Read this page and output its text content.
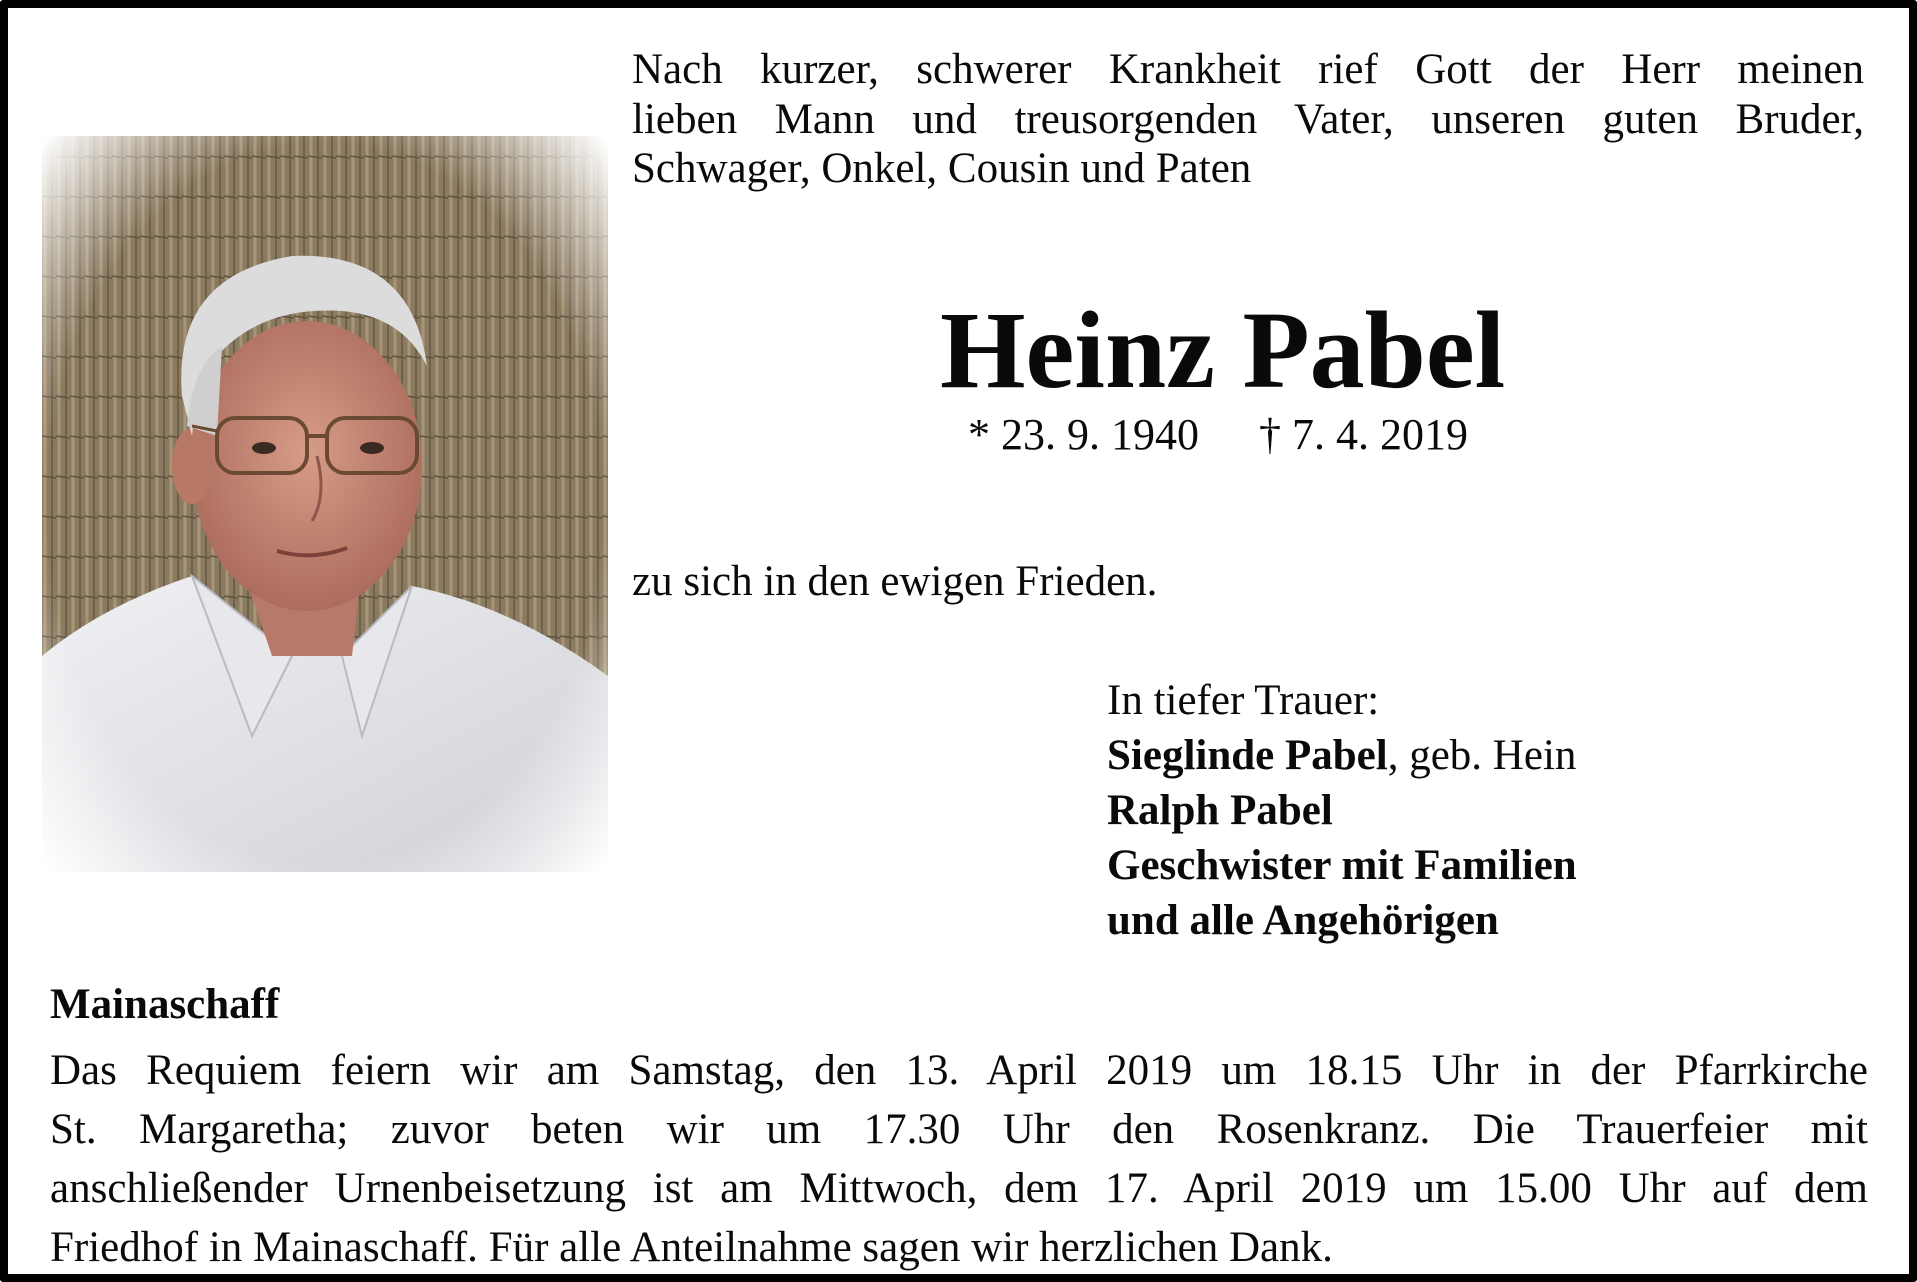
Nach kurzer, schwerer Krankheit rief Gott der Herr meinen
lieben Mann und treusorgenden Vater, unseren guten Bruder,
Schwager, Onkel, Cousin und Paten
Heinz Pabel
* 23. 9. 1940 † 7. 4. 2019
zu sich in den ewigen Frieden.
In tiefer Trauer:
Sieglinde Pabel, geb. Hein
Ralph Pabel
Geschwister mit Familien
und alle Angehörigen
Mainaschaff
Das Requiem feiern wir am Samstag, den 13. April 2019 um 18.15 Uhr in der Pfarrkirche
St. Margaretha; zuvor beten wir um 17.30 Uhr den Rosenkranz. Die Trauerfeier mit
anschließender Urnenbeisetzung ist am Mittwoch, dem 17. April 2019 um 15.00 Uhr auf dem
Friedhof in Mainaschaff. Für alle Anteilnahme sagen wir herzlichen Dank.
